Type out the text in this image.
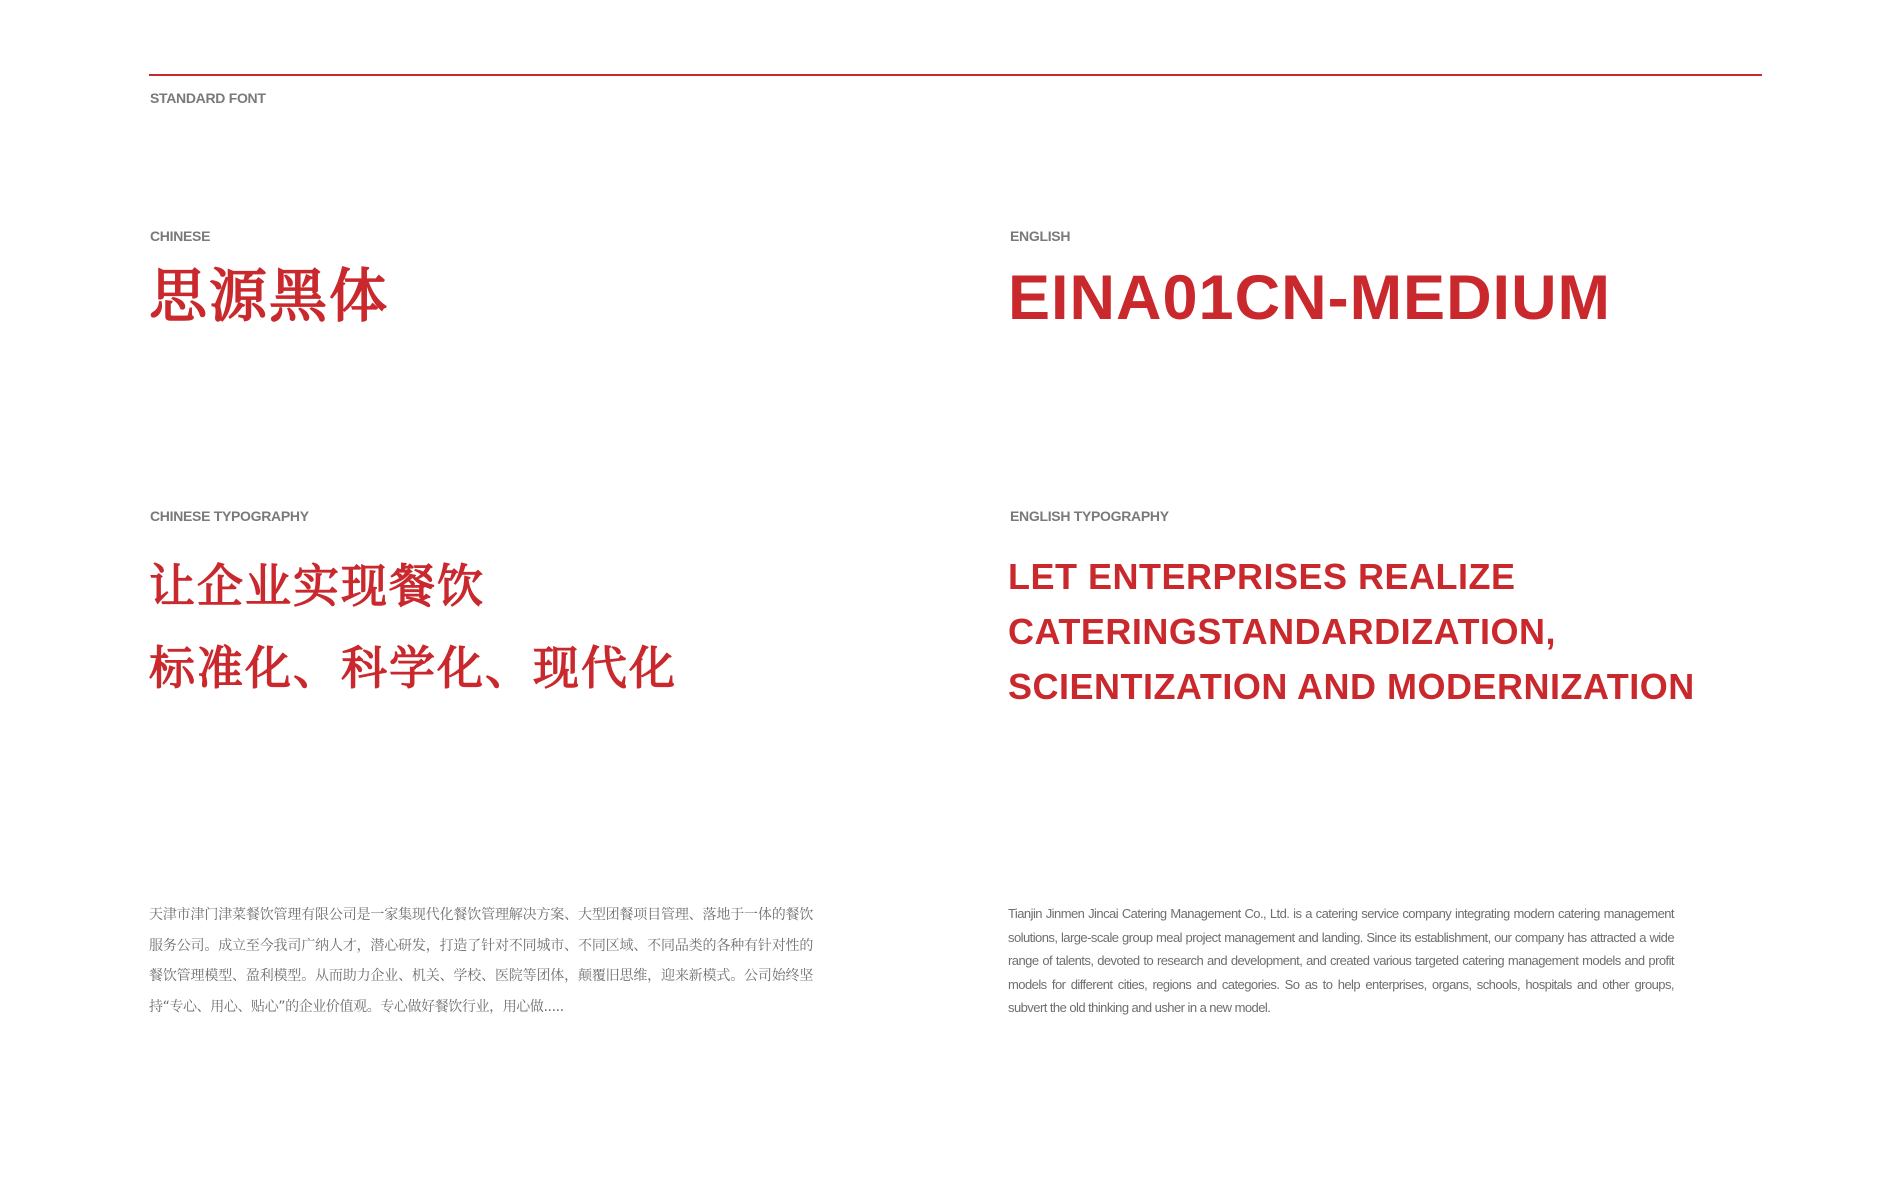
STANDARD FONT
CHINESE
思源黑体
ENGLISH
EINA01CN-MEDIUM
CHINESE TYPOGRAPHY
让企业实现餐饮
标准化、科学化、现代化
ENGLISH TYPOGRAPHY
LET ENTERPRISES REALIZE
CATERINGSTANDARDIZATION,
SCIENTIZATION AND MODERNIZATION
天津市津门津菜餐饮管理有限公司是一家集现代化餐饮管理解决方案、大型团餐项目管理、落地于一体的餐饮服务公司。成立至今我司广纳人才，潜心研发，打造了针对不同城市、不同区域、不同品类的各种有针对性的餐饮管理模型、盈利模型。从而助力企业、机关、学校、医院等团体，颠覆旧思维，迎来新模式。公司始终坚持“专心、用心、贴心”的企业价值观。专心做好餐饮行业，用心做.....
Tianjin Jinmen Jincai Catering Management Co., Ltd. is a catering service company integrating modern catering management solutions, large-scale group meal project management and landing. Since its establishment, our company has attracted a wide range of talents, devoted to research and development, and created various targeted catering management models and profit models for different cities, regions and categories. So as to help enterprises, organs, schools, hospitals and other groups, subvert the old thinking and usher in a new model.
